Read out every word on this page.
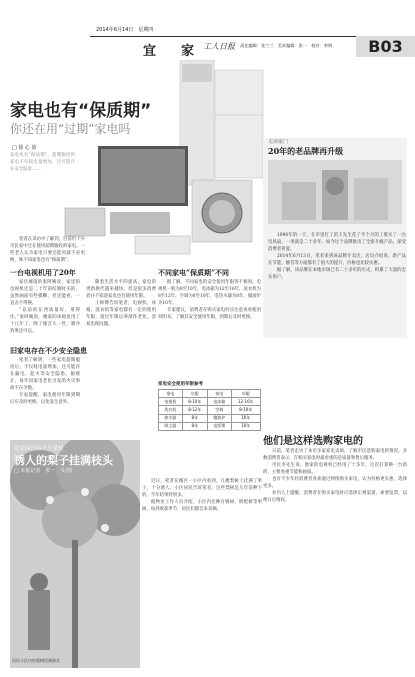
2014年6月14日　星期四
宜　家 工人日报 责任编辑：张兰兰　美术编辑：张一　校对：李明	B03
家电也有“保质期”
你还在用“过期”家电吗
□ 徐 心 韵
家电也有“保质期”，超期服役的家电不仅耗电量增加，还可能存在安全隐患……

笔者在采访中了解到，目前仍不少市民家中还在使用超期服役的家电。一些老人认为家电只要还能用就不必更换，殊不知家电也有“保质期”。

一台电视机用了20年

家住城南的张阿姨说，家里的电视机还是二十年前结婚时买的，虽然画面有些模糊，但还能看，一直舍不得换。

“以前的东西质量好，用得住。”张阿姨说，她家的冰箱也用了十几年了，除了噪音大一些，制冷效果还可以。

旧家电存在不少安全隐患

笔者了解到，一些家电超期服役后，不仅耗电量增加，还可能存在漏电、起火等安全隐患。据统计，每年因家电老化引发的火灾事故不在少数。

专家提醒，家电使用年限到期后应及时更换，以免发生意外。

随着生活水平的提高，家电的更新换代越来越快。但是很多消费者并不知道家电也有使用年限。

王师傅告诉笔者，电视机、冰箱、洗衣机等家电都有一定的使用年限，超过年限后零部件老化，容易出现问题。

不同家电“保质期”不同

据了解，不同家电的安全使用年限各不相同。电视机一般为8至10年，电冰箱为12至16年，洗衣机为8至12年，空调为8至10年，电热水器为8年，微波炉为10年。

专家建议，消费者在购买家电时应注意查看使用说明书，了解其安全使用年限，到期后及时更换。

家电安全使用年限参考
家电	年限	家电	年限
电视机	8-10年	电冰箱	12-16年
洗衣机	8-12年	空调	8-10年
热水器	8年	微波炉	10年
吸尘器	8年	电饭煲	10年
走读家门
20年的老品牌再升级

1990年的一天，在市里打工的王先生花了半个月的工资买了一台电风扇，一用就是二十多年。如今这个品牌推出了全新升级产品，深受消费者喜爱。

2014年6月13日，笔者来到该品牌专卖店，店员介绍说，新产品在节能、静音等方面都有了很大的提升，价格也比较实惠。

据了解，该品牌在本地市场已有二十多年的历史，积累了大量的忠实用户。

爱家园内有不少果树
诱人的梨子挂满枝头
□ 本报记者　张一　文/图
居民小区内的梨树挂满果实

近日，笔者在城区一小区内看到，几棵梨树上挂满了果子，十分诱人。小区居民告诉笔者，这些梨树是几年前种下的，今年结果特别多。

据物业工作人员介绍，小区内还种有桃树、枇杷树等果树，每到收获季节，居民们都会来采摘。

他们是这样选购家电的

日前，笔者走访了本市多家家电卖场，了解市民选购家电的情况。多数消费者表示，在购买家电时最看重的是质量和售后服务。

市民李先生说，他家的电视机已经用了十多年，这次打算换一台新的，主要看重节能和画质。

也有不少年轻消费者喜欢通过网络购买家电，认为价格更实惠，选择更多。

业内人士提醒，消费者在购买家电时应选择正规渠道，索要发票，以便日后维权。
